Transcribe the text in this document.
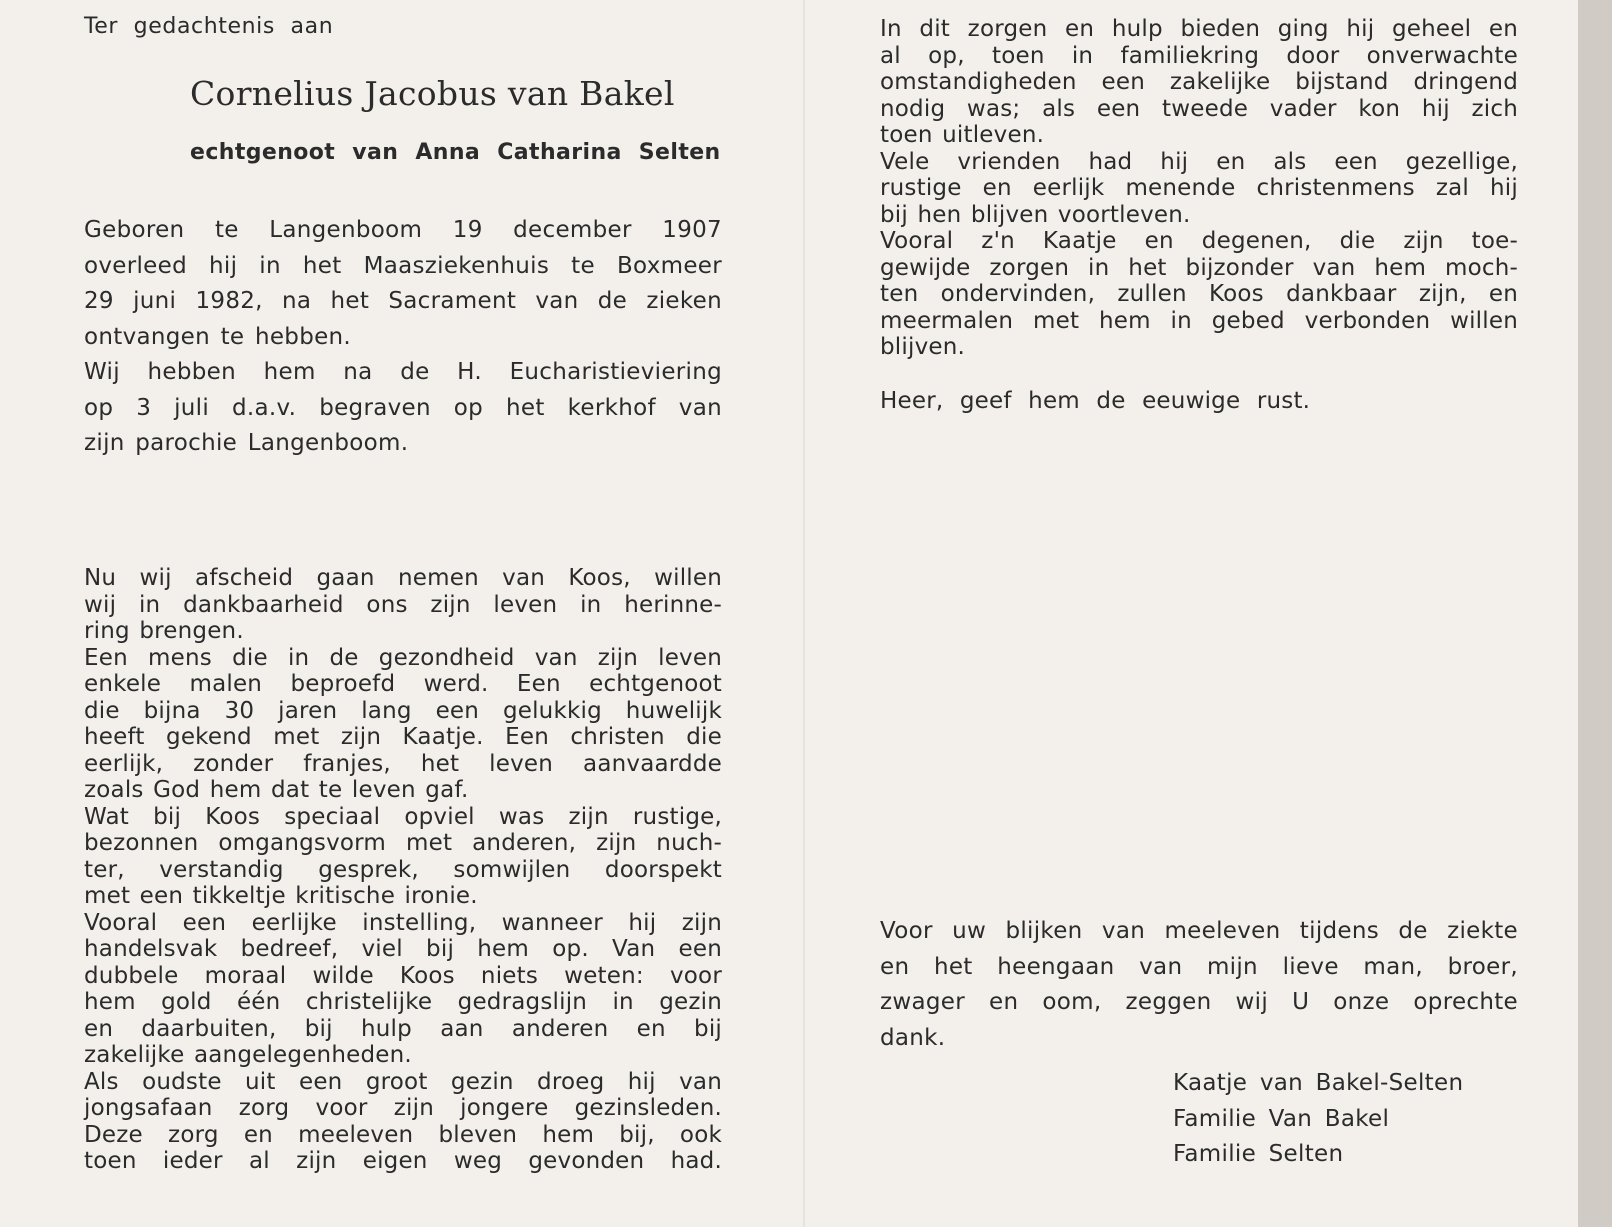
Ter gedachtenis aan
Cornelius Jacobus van Bakel
echtgenoot van Anna Catharina Selten
Geboren te Langenboom 19 december 1907
overleed hij in het Maasziekenhuis te Boxmeer
29 juni 1982, na het Sacrament van de zieken
ontvangen te hebben.
Wij hebben hem na de H. Eucharistieviering
op 3 juli d.a.v. begraven op het kerkhof van
zijn parochie Langenboom.
Nu wij afscheid gaan nemen van Koos, willen
wij in dankbaarheid ons zijn leven in herinne-
ring brengen.
Een mens die in de gezondheid van zijn leven
enkele malen beproefd werd. Een echtgenoot
die bijna 30 jaren lang een gelukkig huwelijk
heeft gekend met zijn Kaatje. Een christen die
eerlijk, zonder franjes, het leven aanvaardde
zoals God hem dat te leven gaf.
Wat bij Koos speciaal opviel was zijn rustige,
bezonnen omgangsvorm met anderen, zijn nuch-
ter, verstandig gesprek, somwijlen doorspekt
met een tikkeltje kritische ironie.
Vooral een eerlijke instelling, wanneer hij zijn
handelsvak bedreef, viel bij hem op. Van een
dubbele moraal wilde Koos niets weten: voor
hem gold één christelijke gedragslijn in gezin
en daarbuiten, bij hulp aan anderen en bij
zakelijke aangelegenheden.
Als oudste uit een groot gezin droeg hij van
jongsafaan zorg voor zijn jongere gezinsleden.
Deze zorg en meeleven bleven hem bij, ook
toen ieder al zijn eigen weg gevonden had.
In dit zorgen en hulp bieden ging hij geheel en
al op, toen in familiekring door onverwachte
omstandigheden een zakelijke bijstand dringend
nodig was; als een tweede vader kon hij zich
toen uitleven.
Vele vrienden had hij en als een gezellige,
rustige en eerlijk menende christenmens zal hij
bij hen blijven voortleven.
Vooral z'n Kaatje en degenen, die zijn toe-
gewijde zorgen in het bijzonder van hem moch-
ten ondervinden, zullen Koos dankbaar zijn, en
meermalen met hem in gebed verbonden willen
blijven.
Heer, geef hem de eeuwige rust.
Voor uw blijken van meeleven tijdens de ziekte
en het heengaan van mijn lieve man, broer,
zwager en oom, zeggen wij U onze oprechte
dank.
Kaatje van Bakel-Selten
Familie Van Bakel
Familie Selten
